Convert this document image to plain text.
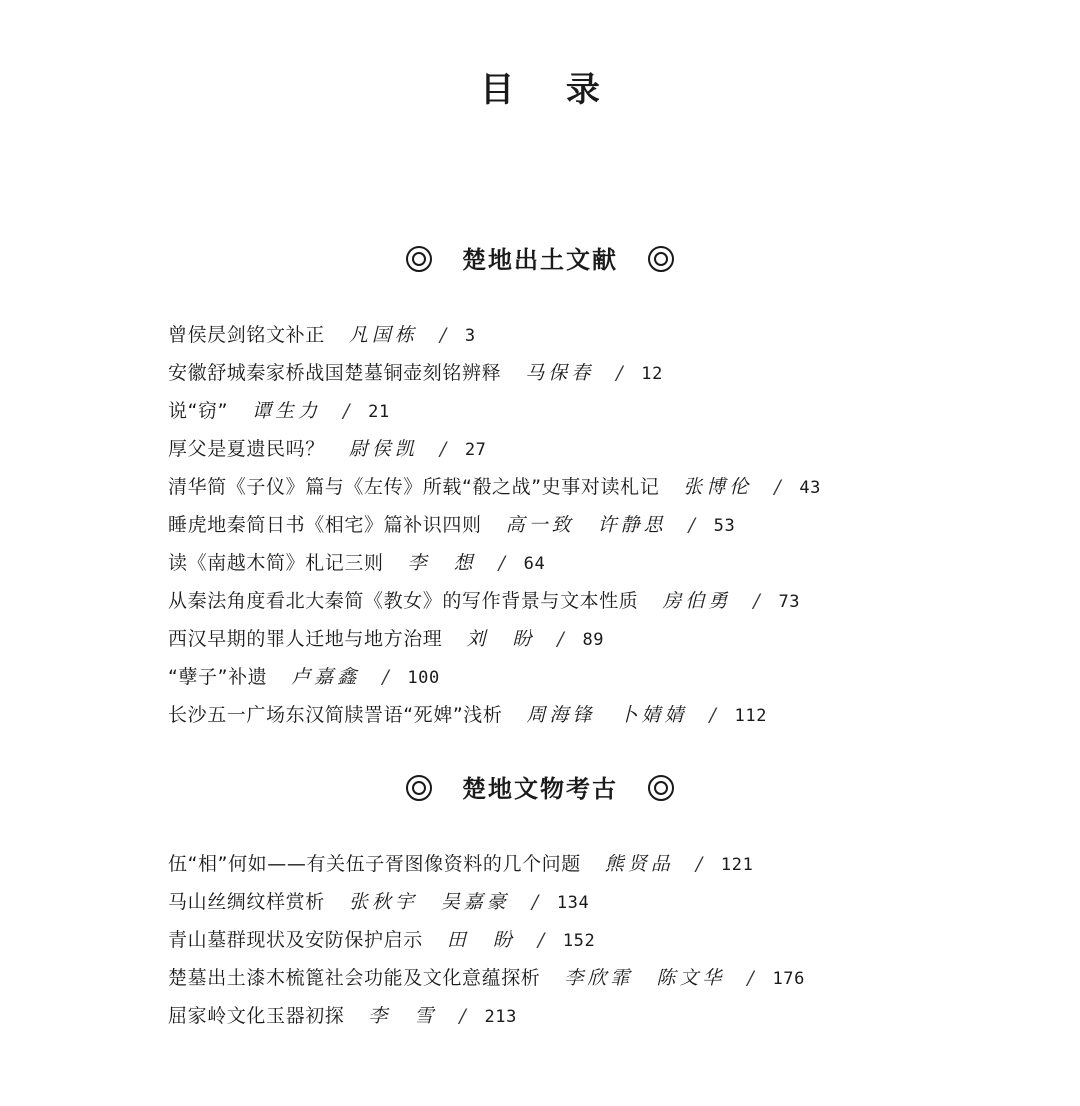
目 录
楚地出土文献
曾侯昃剑铭文补正 凡国栋 / 3
安徽舒城秦家桥战国楚墓铜壶刻铭辨释 马保春 / 12
说“窃” 谭生力 / 21
厚父是夏遗民吗？ 尉侯凯 / 27
清华简《子仪》篇与《左传》所载“殽之战”史事对读札记 张博伦 / 43
睡虎地秦简日书《相宅》篇补识四则 高一致　许静思 / 53
读《南越木简》札记三则 李　想 / 64
从秦法角度看北大秦简《教女》的写作背景与文本性质 房伯勇 / 73
西汉早期的罪人迁地与地方治理 刘　盼 / 89
“孽子”补遗 卢嘉鑫 / 100
长沙五一广场东汉简牍詈语“死婢”浅析 周海锋　卜婧婧 / 112
楚地文物考古
伍“相”何如——有关伍子胥图像资料的几个问题 熊贤品 / 121
马山丝绸纹样赏析 张秋宇　吴嘉豪 / 134
青山墓群现状及安防保护启示 田　盼 / 152
楚墓出土漆木梳篦社会功能及文化意蕴探析 李欣霏　陈文华 / 176
屈家岭文化玉器初探 李　雪 / 213
